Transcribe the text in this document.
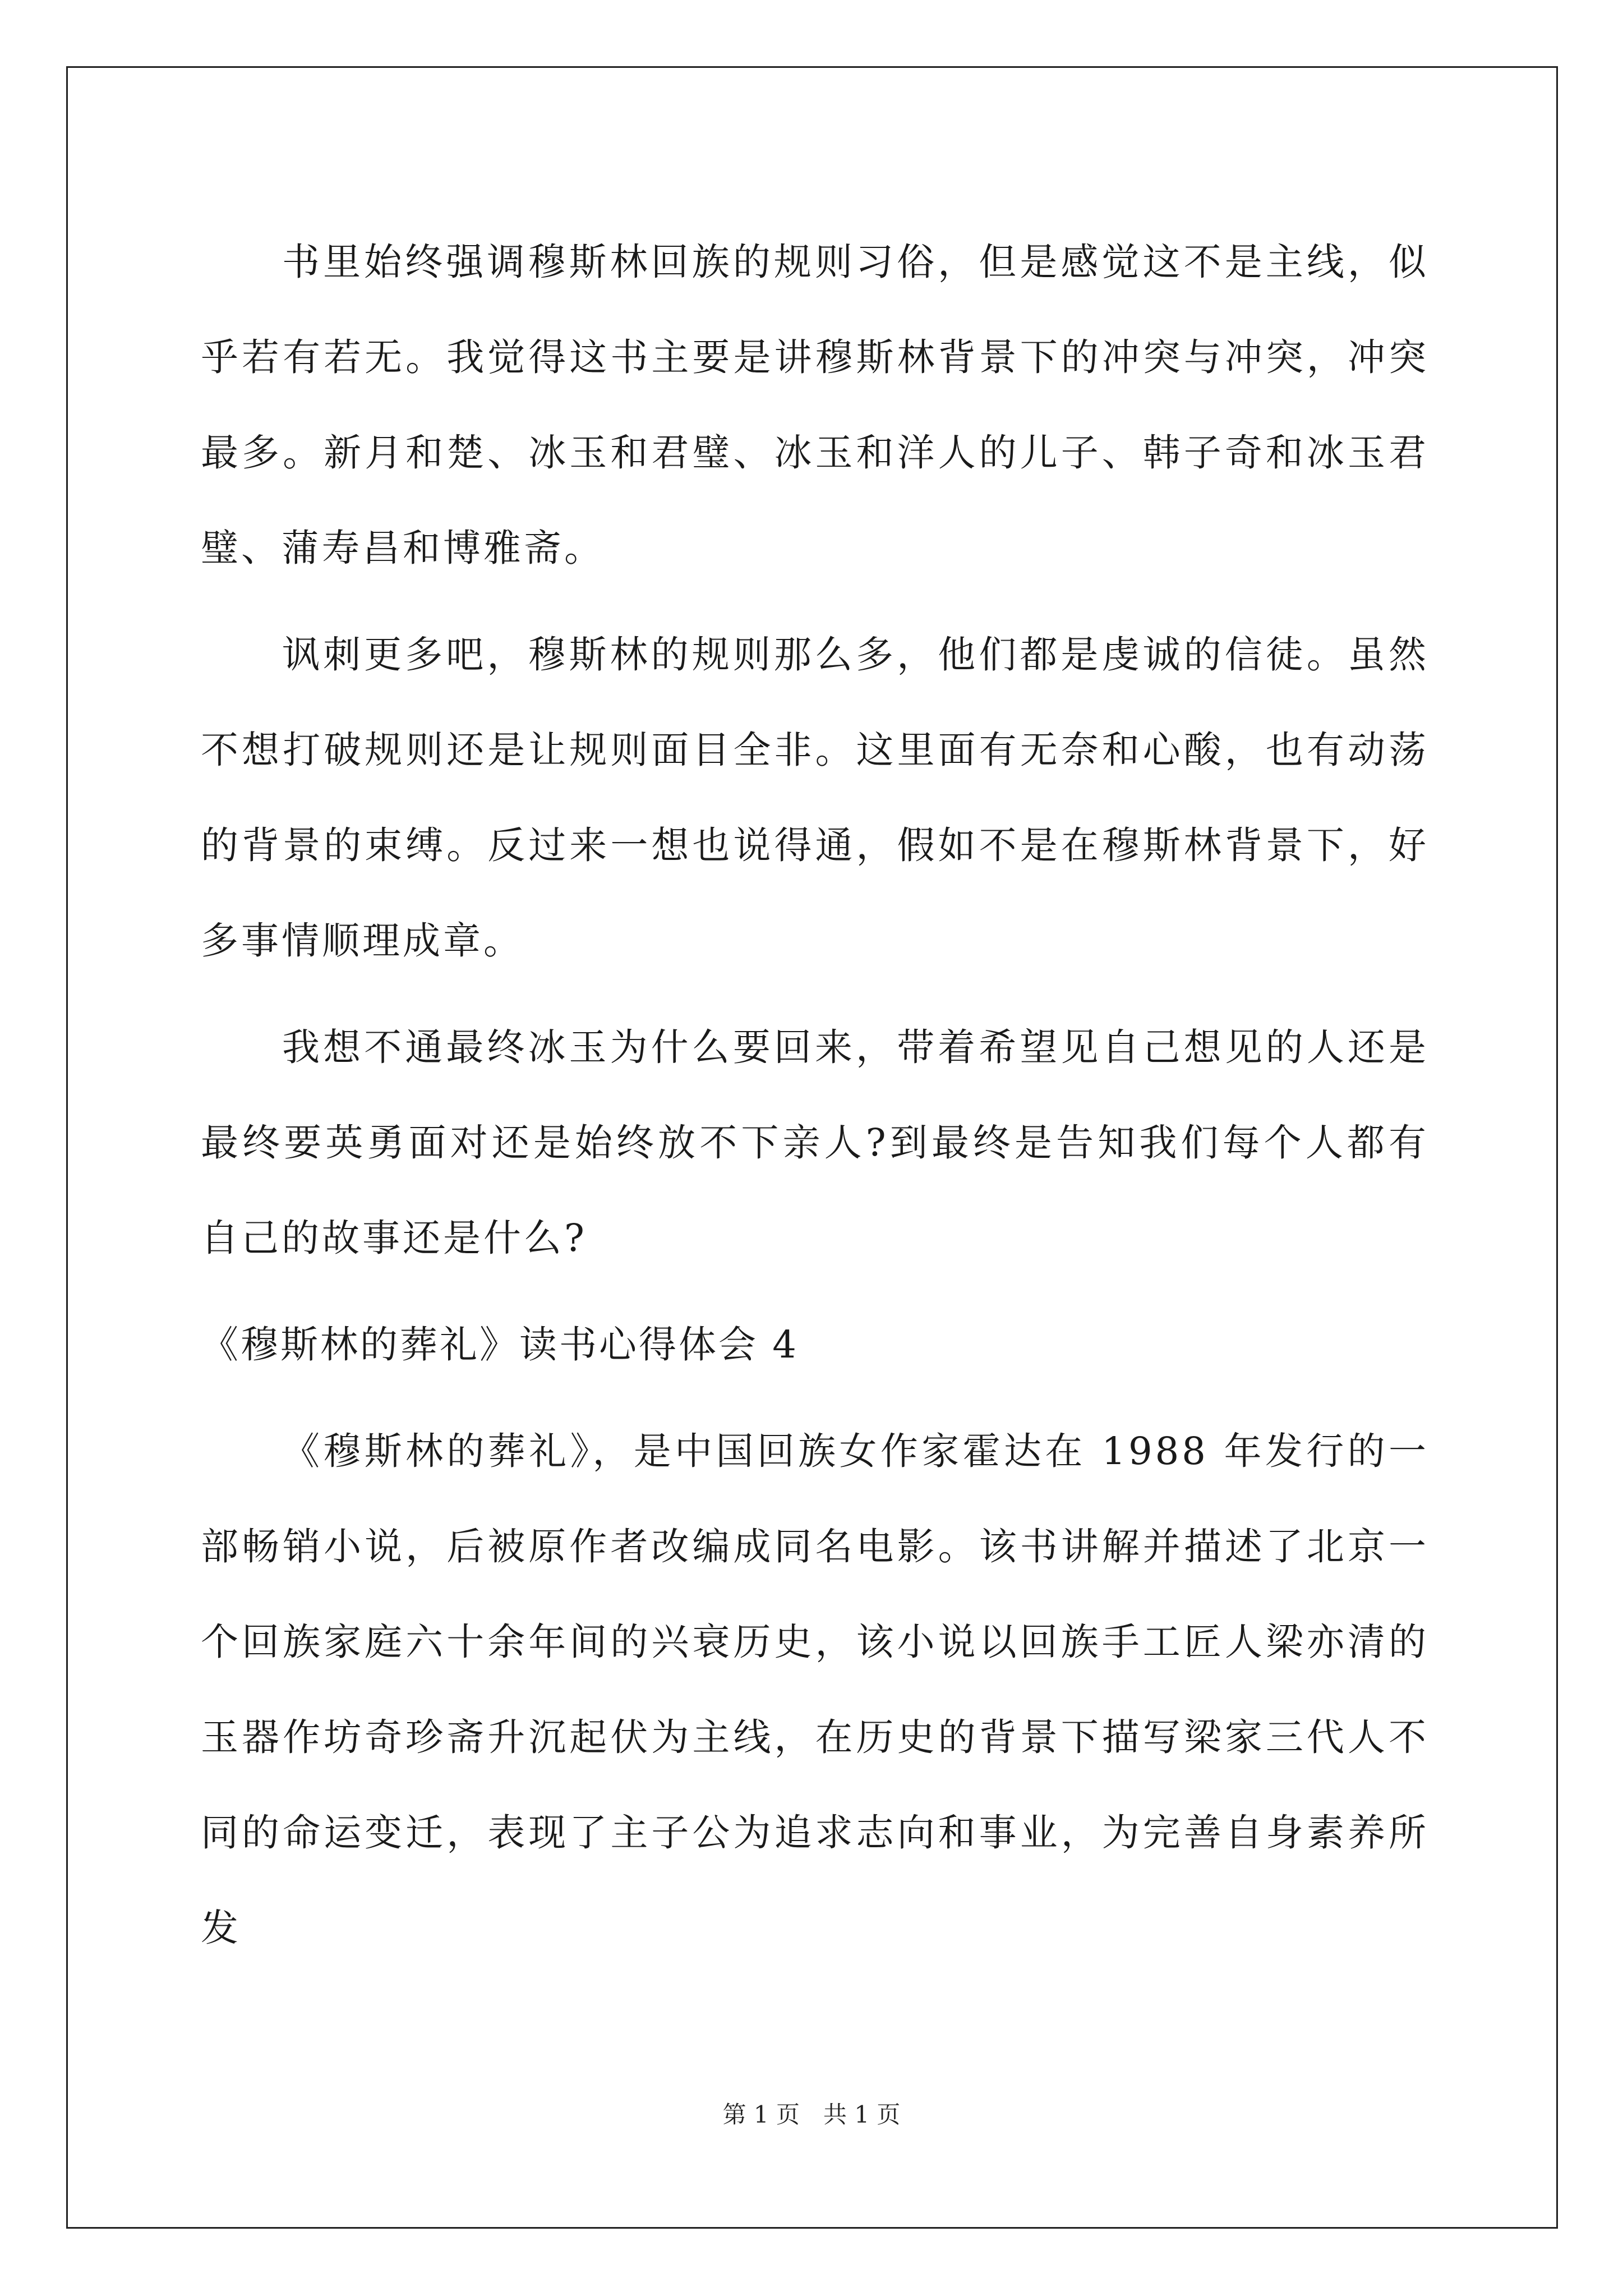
书里始终强调穆斯林回族的规则习俗，但是感觉这不是主线，似乎若有若无。我觉得这书主要是讲穆斯林背景下的冲突与冲突，冲突最多。新月和楚、冰玉和君璧、冰玉和洋人的儿子、韩子奇和冰玉君璧、蒲寿昌和博雅斋。

讽刺更多吧，穆斯林的规则那么多，他们都是虔诚的信徒。虽然不想打破规则还是让规则面目全非。这里面有无奈和心酸，也有动荡的背景的束缚。反过来一想也说得通，假如不是在穆斯林背景下，好多事情顺理成章。

我想不通最终冰玉为什么要回来，带着希望见自己想见的人还是最终要英勇面对还是始终放不下亲人?到最终是告知我们每个人都有自己的故事还是什么?

《穆斯林的葬礼》读书心得体会 4

《穆斯林的葬礼》，是中国回族女作家霍达在 1988 年发行的一部畅销小说，后被原作者改编成同名电影。该书讲解并描述了北京一个回族家庭六十余年间的兴衰历史，该小说以回族手工匠人梁亦清的玉器作坊奇珍斋升沉起伏为主线，在历史的背景下描写梁家三代人不同的命运变迁，表现了主子公为追求志向和事业，为完善自身素养所发

第 1 页　共 1 页
